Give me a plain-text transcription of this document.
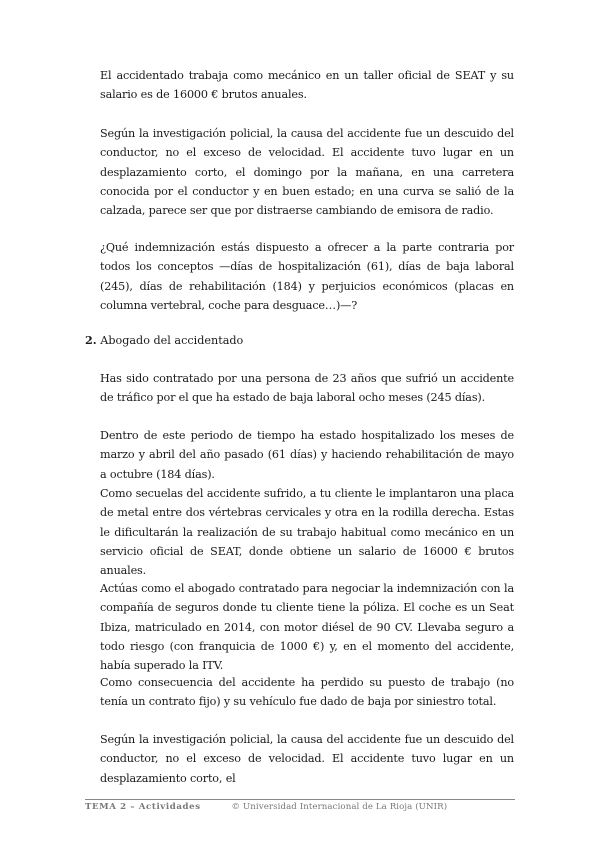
El accidentado trabaja como mecánico en un taller oficial de SEAT y su salario es de 16000 € brutos anuales.

Según la investigación policial, la causa del accidente fue un descuido del conductor, no el exceso de velocidad. El accidente tuvo lugar en un desplazamiento corto, el domingo por la mañana, en una carretera conocida por el conductor y en buen estado; en una curva se salió de la calzada, parece ser que por distraerse cambiando de emisora de radio.

¿Qué indemnización estás dispuesto a ofrecer a la parte contraria por todos los conceptos —días de hospitalización (61), días de baja laboral (245), días de rehabilitación (184) y perjuicios económicos (placas en columna vertebral, coche para desguace…)—?

2. Abogado del accidentado

Has sido contratado por una persona de 23 años que sufrió un accidente de tráfico por el que ha estado de baja laboral ocho meses (245 días).

Dentro de este periodo de tiempo ha estado hospitalizado los meses de marzo y abril del año pasado (61 días) y haciendo rehabilitación de mayo a octubre (184 días).

Como secuelas del accidente sufrido, a tu cliente le implantaron una placa de metal entre dos vértebras cervicales y otra en la rodilla derecha. Estas le dificultarán la realización de su trabajo habitual como mecánico en un servicio oficial de SEAT, donde obtiene un salario de 16000 € brutos anuales.

Actúas como el abogado contratado para negociar la indemnización con la compañía de seguros donde tu cliente tiene la póliza. El coche es un Seat Ibiza, matriculado en 2014, con motor diésel de 90 CV. Llevaba seguro a todo riesgo (con franquicia de 1000 €) y, en el momento del accidente, había superado la ITV.

Como consecuencia del accidente ha perdido su puesto de trabajo (no tenía un contrato fijo) y su vehículo fue dado de baja por siniestro total.

Según la investigación policial, la causa del accidente fue un descuido del conductor, no el exceso de velocidad. El accidente tuvo lugar en un desplazamiento corto, el

TEMA 2 – Actividades	© Universidad Internacional de La Rioja (UNIR)
